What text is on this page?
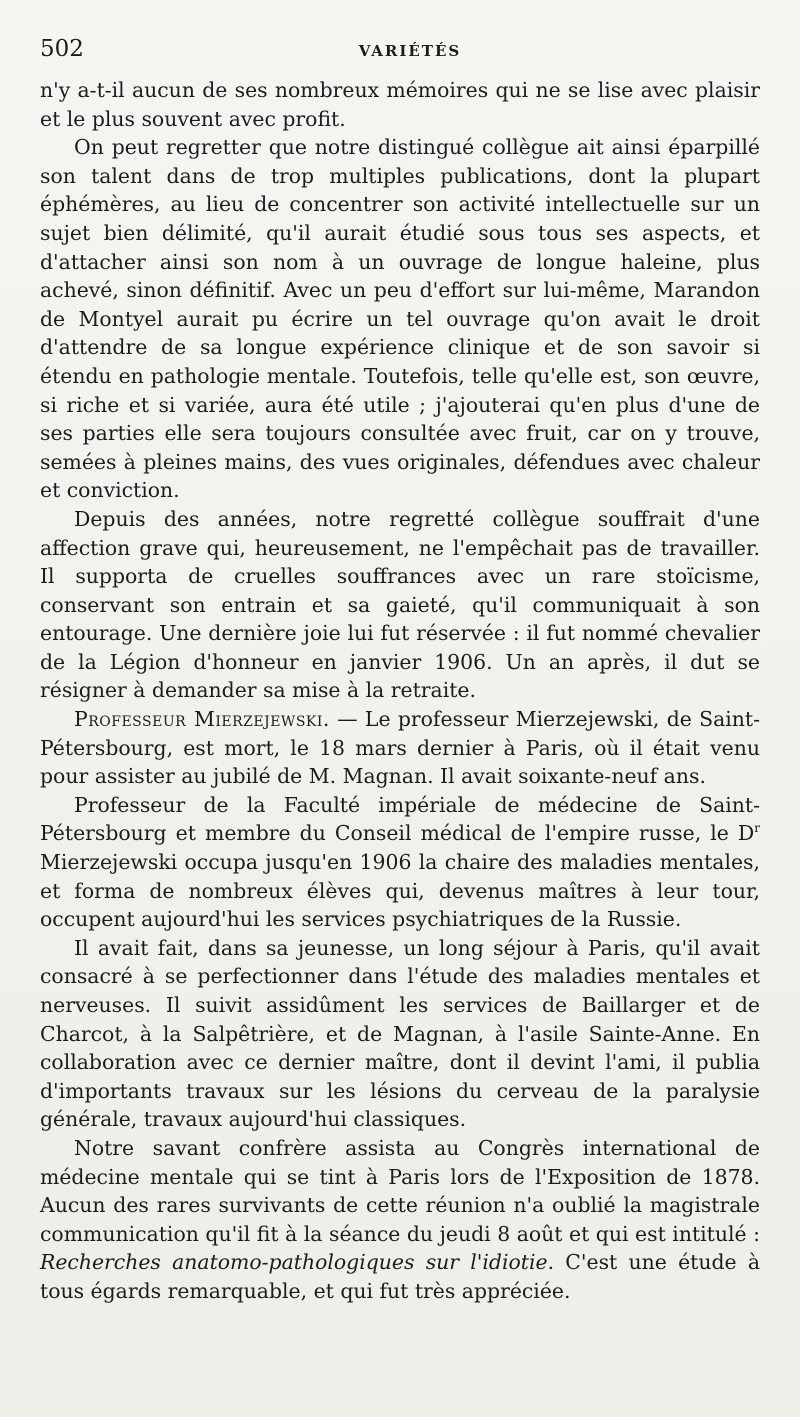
502	VARIÉTÉS

n'y a-t-il aucun de ses nombreux mémoires qui ne se lise avec plaisir et le plus souvent avec profit.

On peut regretter que notre distingué collègue ait ainsi éparpillé son talent dans de trop multiples publications, dont la plupart éphémères, au lieu de concentrer son activité intellectuelle sur un sujet bien délimité, qu'il aurait étudié sous tous ses aspects, et d'attacher ainsi son nom à un ouvrage de longue haleine, plus achevé, sinon définitif. Avec un peu d'effort sur lui-même, Marandon de Montyel aurait pu écrire un tel ouvrage qu'on avait le droit d'attendre de sa longue expérience clinique et de son savoir si étendu en pathologie mentale. Toutefois, telle qu'elle est, son œuvre, si riche et si variée, aura été utile ; j'ajouterai qu'en plus d'une de ses parties elle sera toujours consultée avec fruit, car on y trouve, semées à pleines mains, des vues originales, défendues avec chaleur et conviction.

Depuis des années, notre regretté collègue souffrait d'une affection grave qui, heureusement, ne l'empêchait pas de travailler. Il supporta de cruelles souffrances avec un rare stoïcisme, conservant son entrain et sa gaieté, qu'il communiquait à son entourage. Une dernière joie lui fut réservée : il fut nommé chevalier de la Légion d'honneur en janvier 1906. Un an après, il dut se résigner à demander sa mise à la retraite.

Professeur Mierzejewski. — Le professeur Mierzejewski, de Saint-Pétersbourg, est mort, le 18 mars dernier à Paris, où il était venu pour assister au jubilé de M. Magnan. Il avait soixante-neuf ans.

Professeur de la Faculté impériale de médecine de Saint-Pétersbourg et membre du Conseil médical de l'empire russe, le $D^r$ Mierzejewski occupa jusqu'en 1906 la chaire des maladies mentales, et forma de nombreux élèves qui, devenus maîtres à leur tour, occupent aujourd'hui les services psychiatriques de la Russie.

Il avait fait, dans sa jeunesse, un long séjour à Paris, qu'il avait consacré à se perfectionner dans l'étude des maladies mentales et nerveuses. Il suivit assidûment les services de Baillarger et de Charcot, à la Salpêtrière, et de Magnan, à l'asile Sainte-Anne. En collaboration avec ce dernier maître, dont il devint l'ami, il publia d'importants travaux sur les lésions du cerveau de la paralysie générale, travaux aujourd'hui classiques.

Notre savant confrère assista au Congrès international de médecine mentale qui se tint à Paris lors de l'Exposition de 1878. Aucun des rares survivants de cette réunion n'a oublié la magistrale communication qu'il fit à la séance du jeudi 8 août et qui est intitulé : Recherches anatomo-pathologiques sur l'idiotie. C'est une étude à tous égards remarquable, et qui fut très appréciée.
